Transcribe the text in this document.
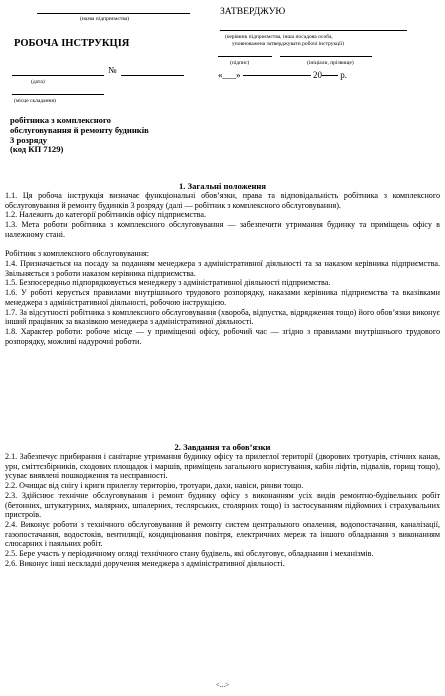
(назва підприємства)
РОБОЧА ІНСТРУКЦІЯ
№
(дата)
(місце складання)
ЗАТВЕРДЖУЮ
(керівник підприємства, інша посадова особа,
уповноважена затверджувати робочі інструкції)
(підпис)	(ініціали, прізвище)
«___»	20 р.
робітника з комплексного
обслуговування й ремонту будинків
3 розряду
(код КП 7129)
1. Загальні положення

1.1. Ця робоча інструкція визначає функціональні обов’язки, права та відповідальність робітника з комплексного обслуговування й ремонту будинків 3 розряду (далі — робітник з комплексного обслуговування).

1.2. Належить до категорії робітників офісу підприємства.

1.3. Мета роботи робітника з комплексного обслуговування — забезпечити утримання будинку та приміщень офісу в належному стані.

Робітник з комплексного обслуговування:

1.4. Призначається на посаду за поданням менеджера з адміністративної діяльності та за наказом керівника підприємства. Звільняється з роботи наказом керівника підприємства.

1.5. Безпосередньо підпорядковується менеджеру з адміністративної діяльності підприємства.

1.6. У роботі керується правилами внутрішнього трудового розпорядку, наказами керівника підприємства та вказівками менеджера з адміністративної діяльності, робочою інструкцією.

1.7. За відсутності робітника з комплексного обслуговування (хвороба, відпустка, відрядження тощо) його обов’язки виконує інший працівник за вказівкою менеджера з адміністративної діяльності.

1.8. Характер роботи: робоче місце — у приміщенні офісу, робочий час — згідно з правилами внутрішнього трудового розпорядку, можливі надурочні роботи.

2. Завдання та обов’язки

2.1. Забезпечує прибирання і санітарне утримання будинку офісу та прилеглої території (дворових тротуарів, стічних канав, урн, сміттєзбірників, сходових площадок і маршів, приміщень загального користування, кабін ліфтів, підвалів, горищ тощо), усуває виявлені пошкодження та несправності.

2.2. Очищає від снігу і криги прилеглу територію, тротуари, дахи, навіси, ринви тощо.

2.3. Здійснює технічне обслуговування і ремонт будинку офісу з виконанням усіх видів ремонтно-будівельних робіт (бетонних, штукатурних, малярних, шпалерних, теслярських, столярних тощо) із застосуванням підйомних і страхувальних пристроїв.

2.4. Виконує роботи з технічного обслуговування й ремонту систем центрального опалення, водопостачання, каналізації, газопостачання, водостоків, вентиляції, кондиціювання повітря, електричних мереж та іншого обладнання з виконанням слюсарних і паяльних робіт.

2.5. Бере участь у періодичному огляді технічного стану будівель, які обслуговує, обладнання і механізмів.

2.6. Виконує інші нескладні доручення менеджера з адміністративної діяльності.

<...>
